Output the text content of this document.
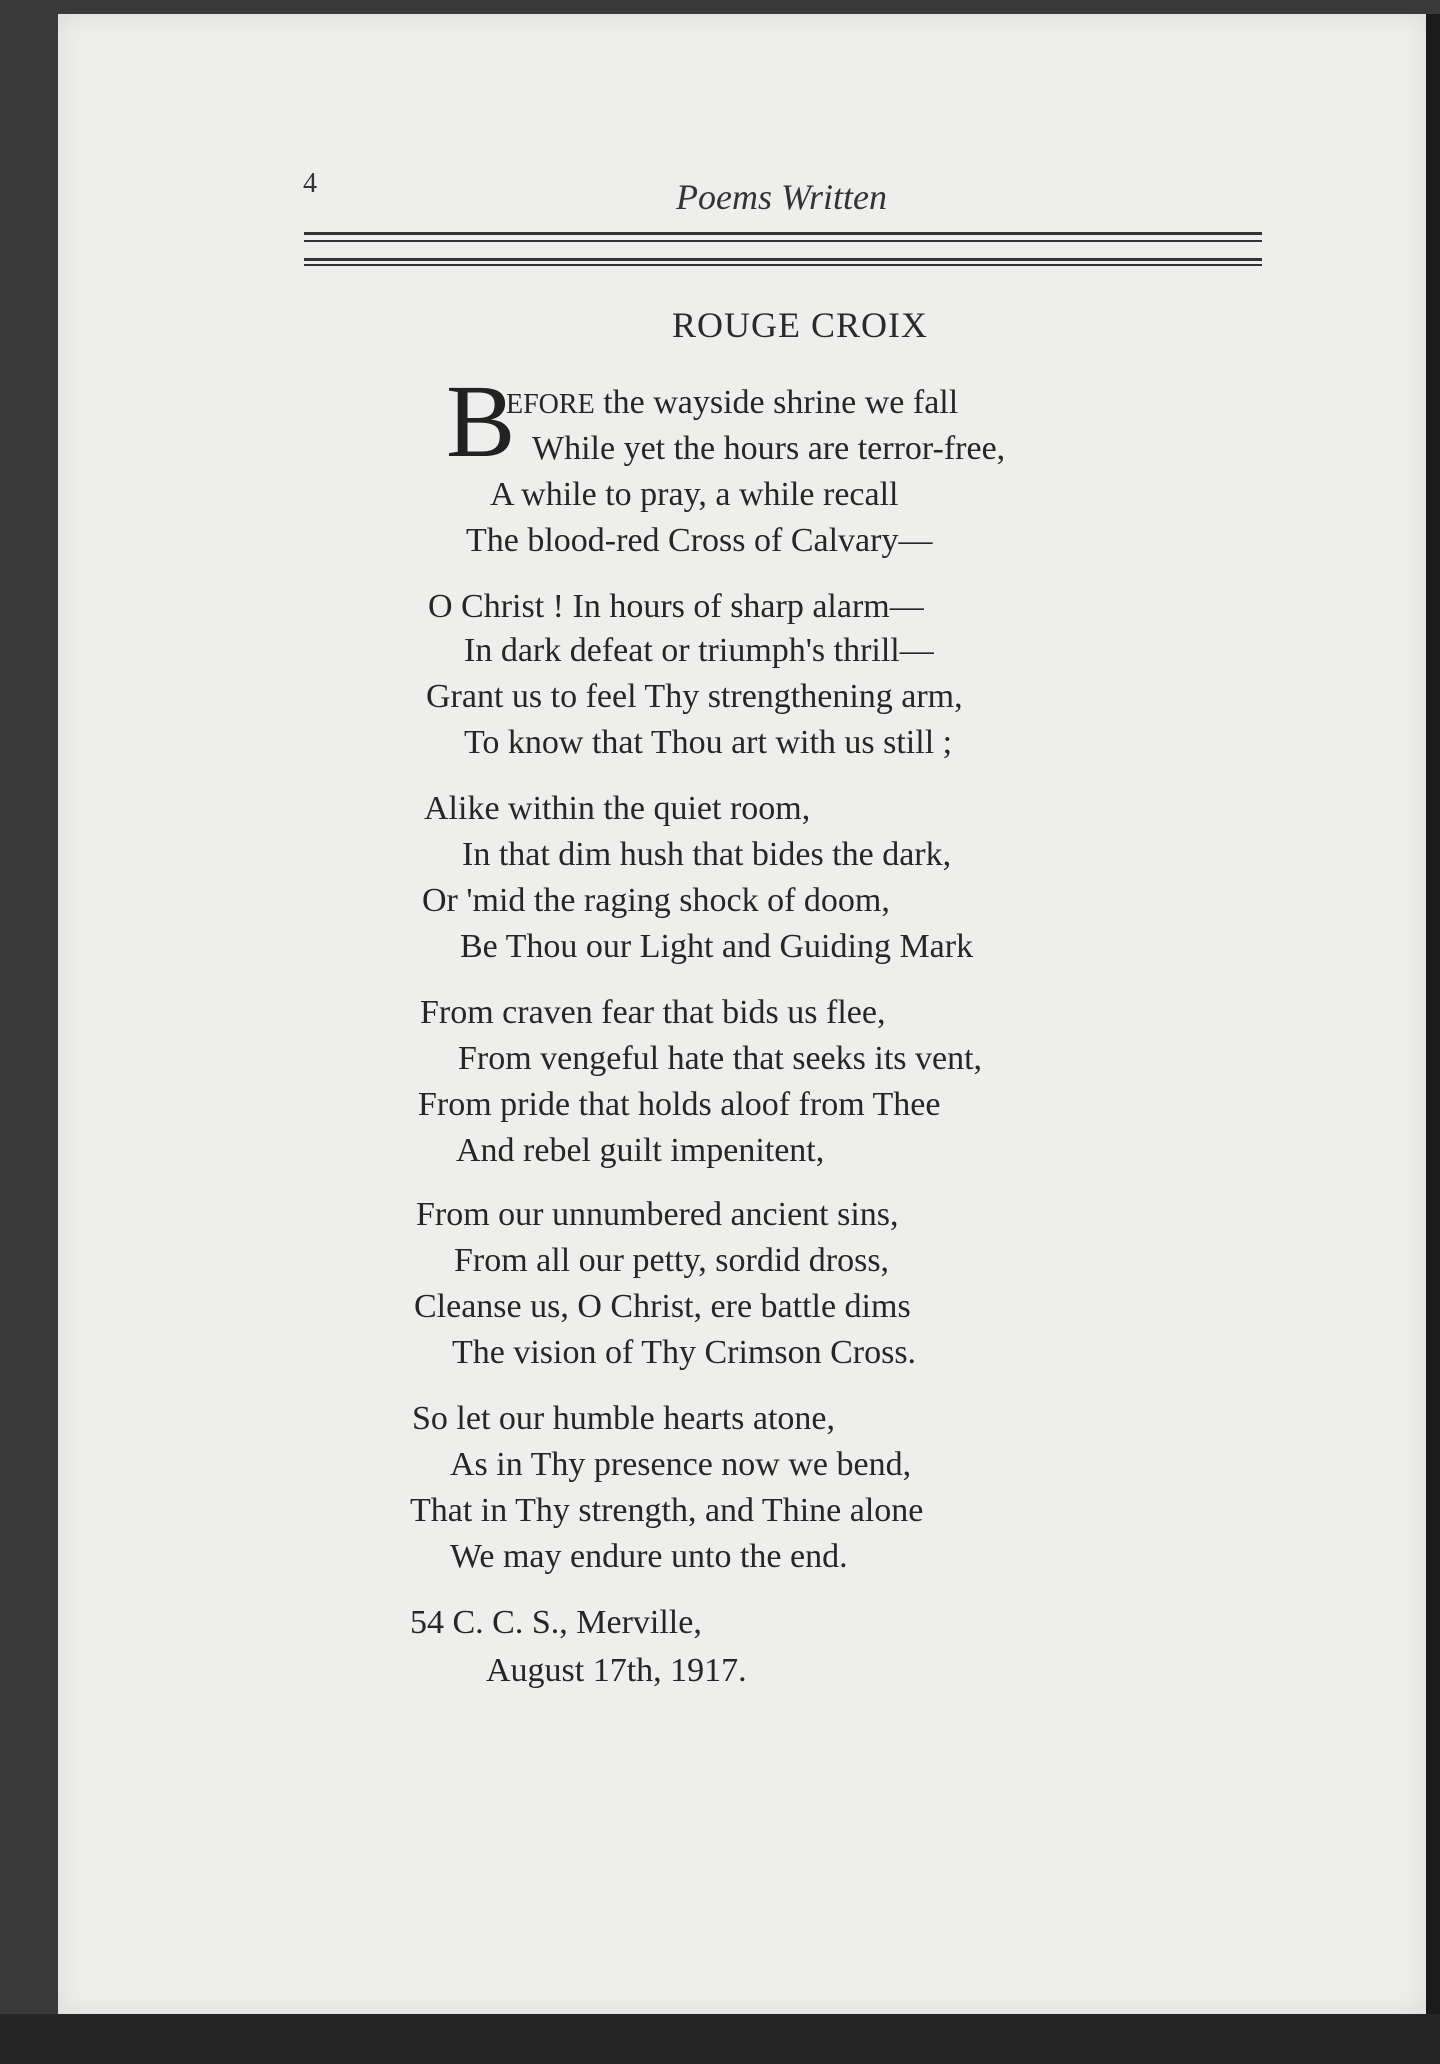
4	Poems Written
ROUGE CROIX
B
EFORE the wayside shrine we fall
While yet the hours are terror-free,
A while to pray, a while recall
The blood-red Cross of Calvary—
O Christ ! In hours of sharp alarm—
In dark defeat or triumph's thrill—
Grant us to feel Thy strengthening arm,
To know that Thou art with us still ;
Alike within the quiet room,
In that dim hush that bides the dark,
Or 'mid the raging shock of doom,
Be Thou our Light and Guiding Mark
From craven fear that bids us flee,
From vengeful hate that seeks its vent,
From pride that holds aloof from Thee
And rebel guilt impenitent,
From our unnumbered ancient sins,
From all our petty, sordid dross,
Cleanse us, O Christ, ere battle dims
The vision of Thy Crimson Cross.
So let our humble hearts atone,
As in Thy presence now we bend,
That in Thy strength, and Thine alone
We may endure unto the end.
54 C. C. S., Merville,
August 17th, 1917.
